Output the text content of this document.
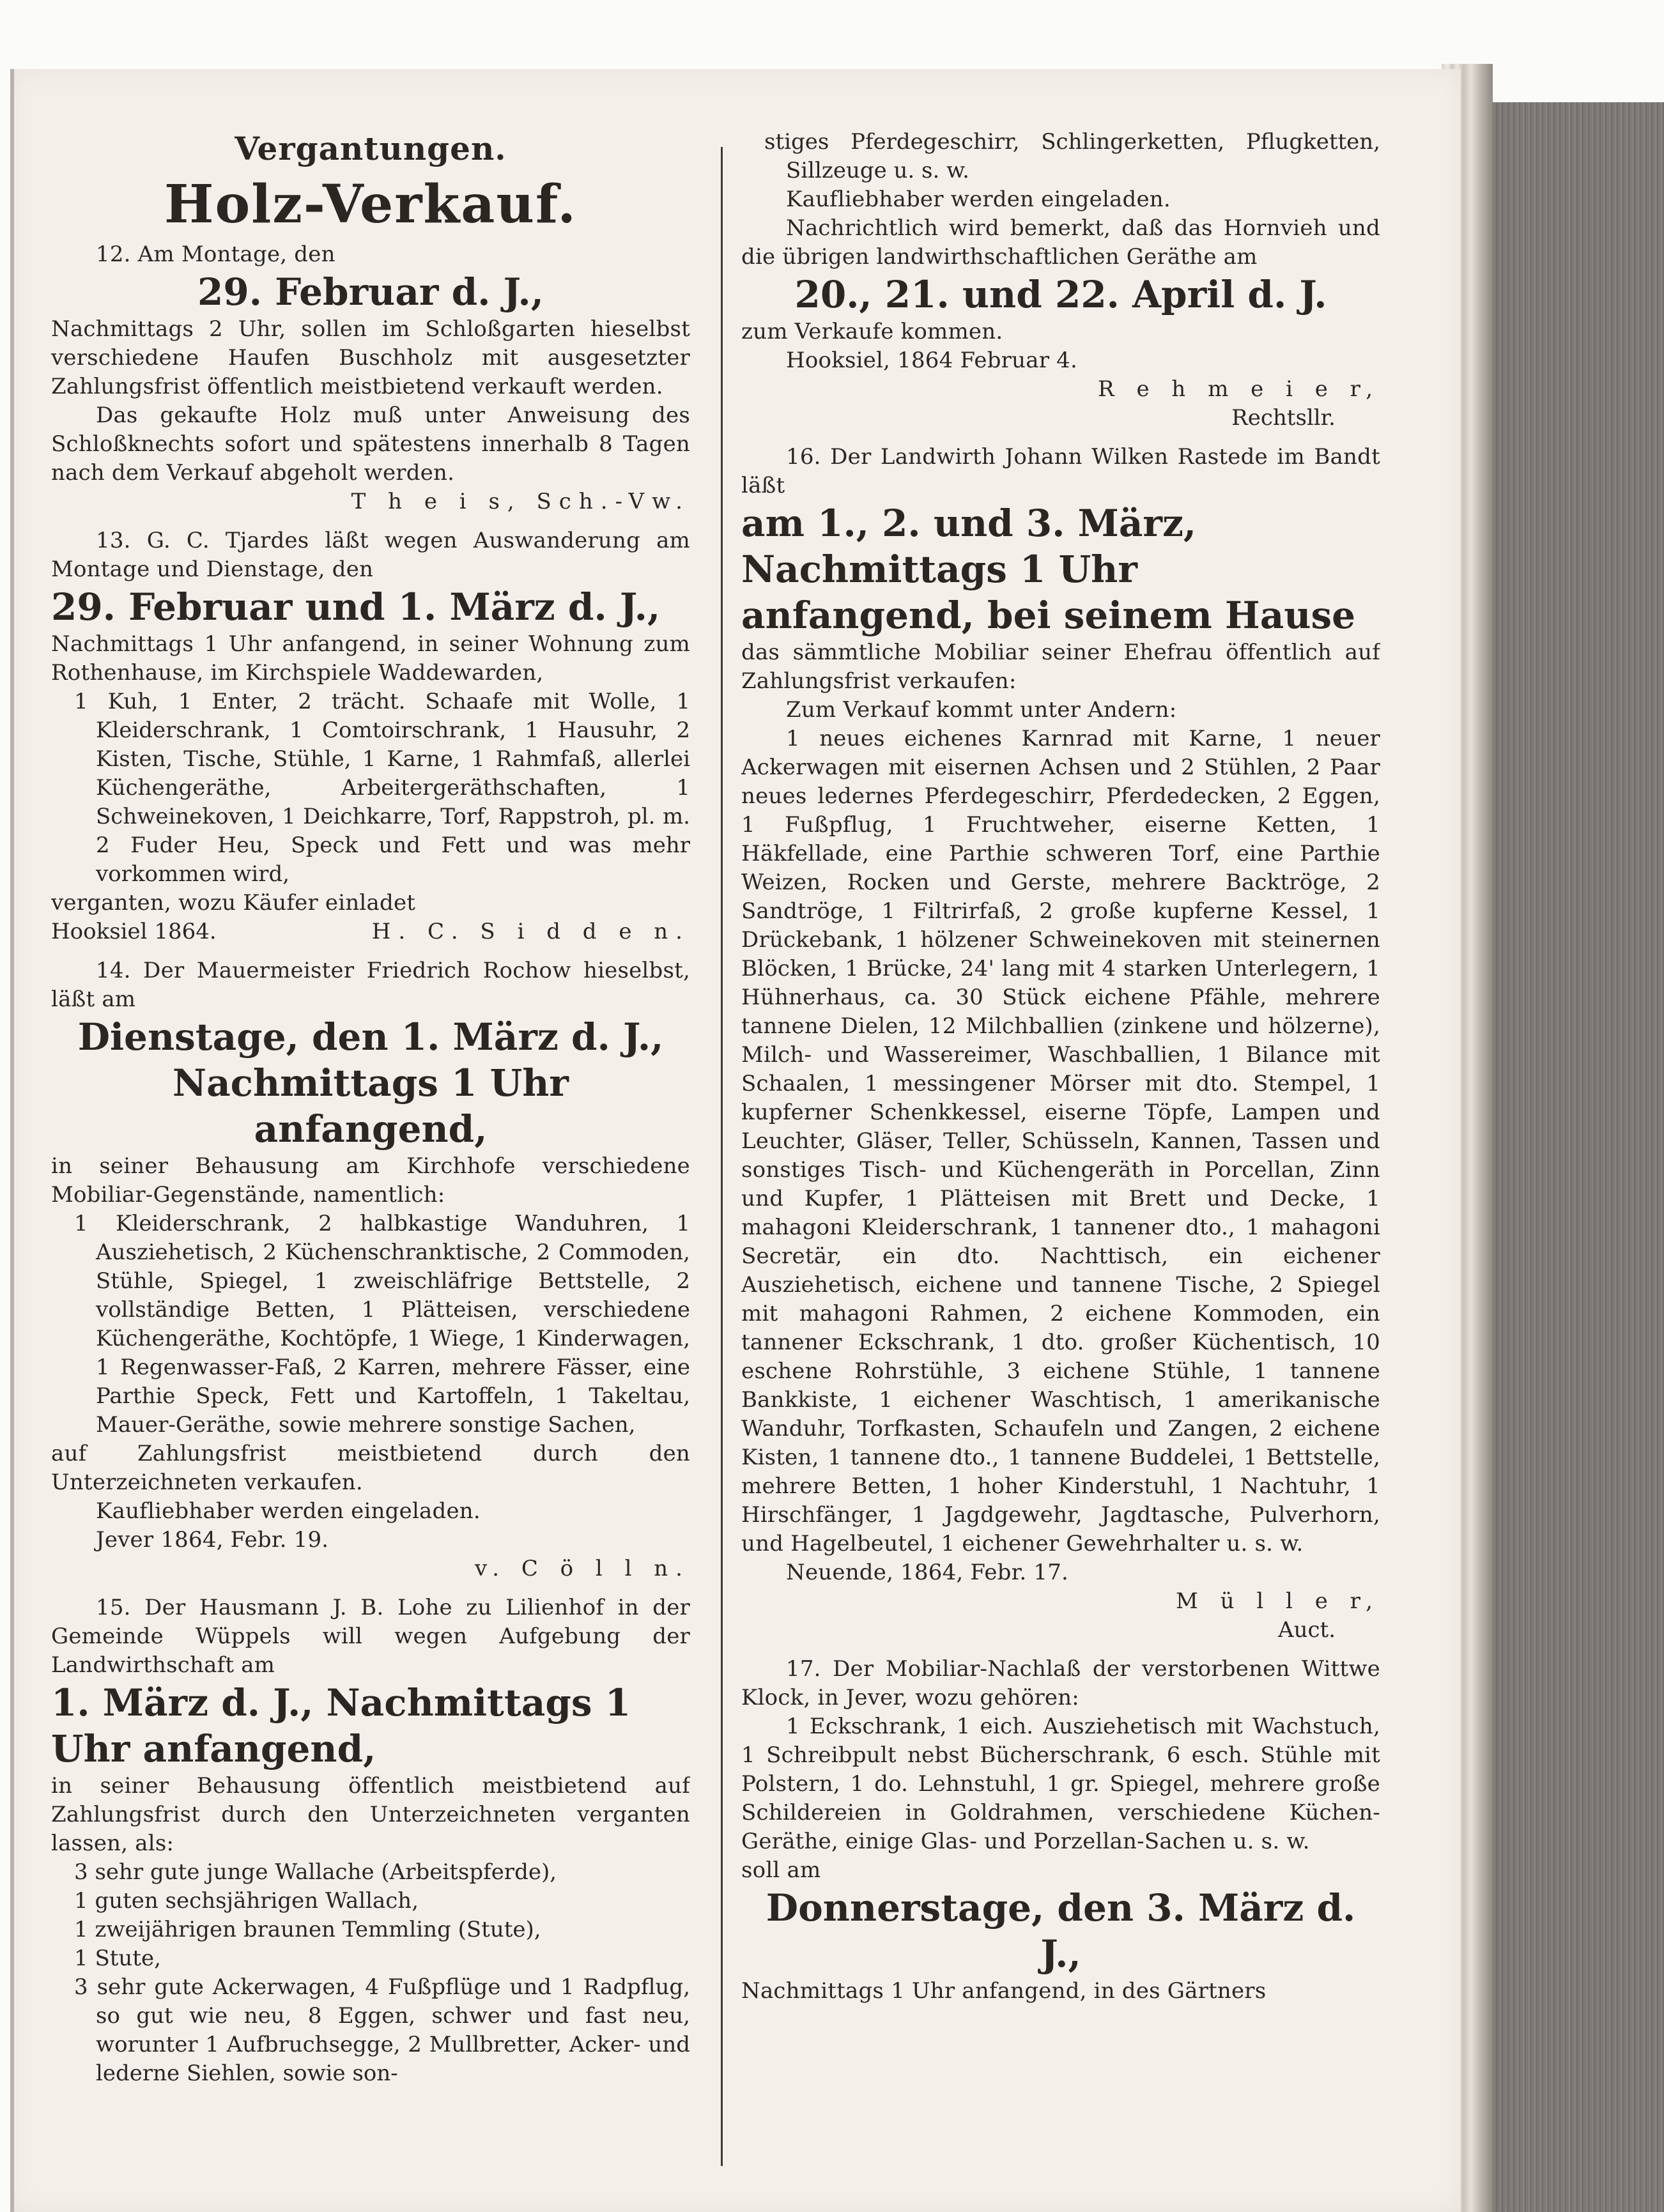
Vergantungen.

Holz-Verkauf.

12. Am Montage, den

29. Februar d. J.,

Nachmittags 2 Uhr, sollen im Schloßgarten hieselbst verschiedene Haufen Buschholz mit ausgesetzter Zahlungsfrist öffentlich meistbietend verkauft werden.

Das gekaufte Holz muß unter Anweisung des Schloßknechts sofort und spätestens innerhalb 8 Tagen nach dem Verkauf abgeholt werden.

T h e i s, Sch.-Vw.

13. G. C. Tjardes läßt wegen Auswanderung am Montage und Dienstage, den

29. Februar und 1. März d. J.,

Nachmittags 1 Uhr anfangend, in seiner Wohnung zum Rothenhause, im Kirchspiele Waddewarden,

1 Kuh, 1 Enter, 2 trächt. Schaafe mit Wolle, 1 Kleiderschrank, 1 Comtoirschrank, 1 Hausuhr, 2 Kisten, Tische, Stühle, 1 Karne, 1 Rahmfaß, allerlei Küchengeräthe, Arbeitergeräthschaften, 1 Schweinekoven, 1 Deichkarre, Torf, Rappstroh, pl. m. 2 Fuder Heu, Speck und Fett und was mehr vorkommen wird,

verganten, wozu Käufer einladet

Hooksiel 1864.	H. C. S i d d e n.

14. Der Mauermeister Friedrich Rochow hieselbst, läßt am

Dienstage, den 1. März d. J.,

Nachmittags 1 Uhr anfangend,

in seiner Behausung am Kirchhofe verschiedene Mobiliar-Gegenstände, namentlich:

1 Kleiderschrank, 2 halbkastige Wanduhren, 1 Ausziehetisch, 2 Küchenschranktische, 2 Commoden, Stühle, Spiegel, 1 zweischläfrige Bettstelle, 2 vollständige Betten, 1 Plätteisen, verschiedene Küchengeräthe, Kochtöpfe, 1 Wiege, 1 Kinderwagen, 1 Regenwasser-Faß, 2 Karren, mehrere Fässer, eine Parthie Speck, Fett und Kartoffeln, 1 Takeltau, Mauer-Geräthe, sowie mehrere sonstige Sachen,

auf Zahlungsfrist meistbietend durch den Unterzeichneten verkaufen.

Kaufliebhaber werden eingeladen.

Jever 1864, Febr. 19.

v. C ö l l n.

15. Der Hausmann J. B. Lohe zu Lilienhof in der Gemeinde Wüppels will wegen Aufgebung der Landwirthschaft am

1. März d. J., Nachmittags 1 Uhr anfangend,

in seiner Behausung öffentlich meistbietend auf Zahlungsfrist durch den Unterzeichneten verganten lassen, als:

3 sehr gute junge Wallache (Arbeitspferde),

1 guten sechsjährigen Wallach,

1 zweijährigen braunen Temmling (Stute),

1 Stute,

3 sehr gute Ackerwagen, 4 Fußpflüge und 1 Radpflug, so gut wie neu, 8 Eggen, schwer und fast neu, worunter 1 Aufbruchsegge, 2 Mullbretter, Acker- und lederne Siehlen, sowie son-

stiges Pferdegeschirr, Schlingerketten, Pflugketten, Sillzeuge u. s. w.

Kaufliebhaber werden eingeladen.

Nachrichtlich wird bemerkt, daß das Hornvieh und die übrigen landwirthschaftlichen Geräthe am

20., 21. und 22. April d. J.

zum Verkaufe kommen.

Hooksiel, 1864 Februar 4.

R e h m e i e r,

Rechtsllr.

16. Der Landwirth Johann Wilken Rastede im Bandt läßt

am 1., 2. und 3. März, Nachmittags 1 Uhr anfangend, bei seinem Hause

das sämmtliche Mobiliar seiner Ehefrau öffentlich auf Zahlungsfrist verkaufen:

Zum Verkauf kommt unter Andern:

1 neues eichenes Karnrad mit Karne, 1 neuer Ackerwagen mit eisernen Achsen und 2 Stühlen, 2 Paar neues ledernes Pferdegeschirr, Pferdedecken, 2 Eggen, 1 Fußpflug, 1 Fruchtweher, eiserne Ketten, 1 Häkfellade, eine Parthie schweren Torf, eine Parthie Weizen, Rocken und Gerste, mehrere Backtröge, 2 Sandtröge, 1 Filtrirfaß, 2 große kupferne Kessel, 1 Drückebank, 1 hölzener Schweinekoven mit steinernen Blöcken, 1 Brücke, 24' lang mit 4 starken Unterlegern, 1 Hühnerhaus, ca. 30 Stück eichene Pfähle, mehrere tannene Dielen, 12 Milchballien (zinkene und hölzerne), Milch- und Wassereimer, Waschballien, 1 Bilance mit Schaalen, 1 messingener Mörser mit dto. Stempel, 1 kupferner Schenkkessel, eiserne Töpfe, Lampen und Leuchter, Gläser, Teller, Schüsseln, Kannen, Tassen und sonstiges Tisch- und Küchengeräth in Porcellan, Zinn und Kupfer, 1 Plätteisen mit Brett und Decke, 1 mahagoni Kleiderschrank, 1 tannener dto., 1 mahagoni Secretär, ein dto. Nachttisch, ein eichener Ausziehetisch, eichene und tannene Tische, 2 Spiegel mit mahagoni Rahmen, 2 eichene Kommoden, ein tannener Eckschrank, 1 dto. großer Küchentisch, 10 eschene Rohrstühle, 3 eichene Stühle, 1 tannene Bankkiste, 1 eichener Waschtisch, 1 amerikanische Wanduhr, Torfkasten, Schaufeln und Zangen, 2 eichene Kisten, 1 tannene dto., 1 tannene Buddelei, 1 Bettstelle, mehrere Betten, 1 hoher Kinderstuhl, 1 Nachtuhr, 1 Hirschfänger, 1 Jagdgewehr, Jagdtasche, Pulverhorn, und Hagelbeutel, 1 eichener Gewehrhalter u. s. w.

Neuende, 1864, Febr. 17.

M ü l l e r,

Auct.

17. Der Mobiliar-Nachlaß der verstorbenen Wittwe Klock, in Jever, wozu gehören:

1 Eckschrank, 1 eich. Ausziehetisch mit Wachstuch, 1 Schreibpult nebst Bücherschrank, 6 esch. Stühle mit Polstern, 1 do. Lehnstuhl, 1 gr. Spiegel, mehrere große Schildereien in Goldrahmen, verschiedene Küchen-Geräthe, einige Glas- und Porzellan-Sachen u. s. w.

soll am

Donnerstage, den 3. März d. J.,

Nachmittags 1 Uhr anfangend, in des Gärtners
